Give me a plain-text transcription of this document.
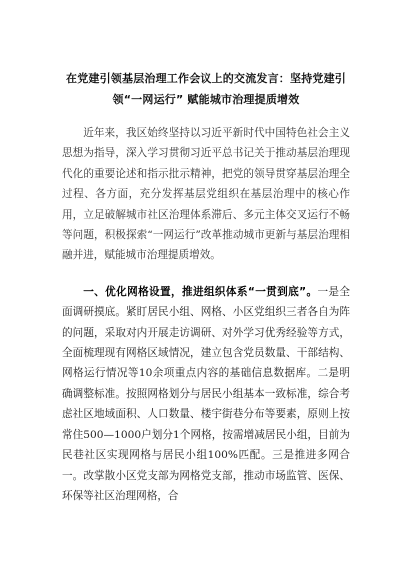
在党建引领基层治理工作会议上的交流发言：坚持党建引
领“一网运行” 赋能城市治理提质增效

近年来，我区始终坚持以习近平新时代中国特色社会主义思想为指导，深入学习贯彻习近平总书记关于推动基层治理现代化的重要论述和指示批示精神，把党的领导贯穿基层治理全过程、各方面，充分发挥基层党组织在基层治理中的核心作用，立足破解城市社区治理体系滞后、多元主体交叉运行不畅等问题，积极探索“一网运行”改革推动城市更新与基层治理相融并进，赋能城市治理提质增效。

一、优化网格设置，推进组织体系“一贯到底”。一是全面调研摸底。紧盯居民小组、网格、小区党组织三者各自为阵的问题，采取对内开展走访调研、对外学习优秀经验等方式，全面梳理现有网格区域情况，建立包含党员数量、干部结构、网格运行情况等10余项重点内容的基础信息数据库。二是明确调整标准。按照网格划分与居民小组基本一致标准，综合考虑社区地域面积、人口数量、楼宇街巷分布等要素，原则上按常住500—1000户划分1个网格，按需增减居民小组，目前为民巷社区实现网格与居民小组100%匹配。三是推进多网合一。改掌散小区党支部为网格党支部，推动市场监管、医保、环保等社区治理网格，合
